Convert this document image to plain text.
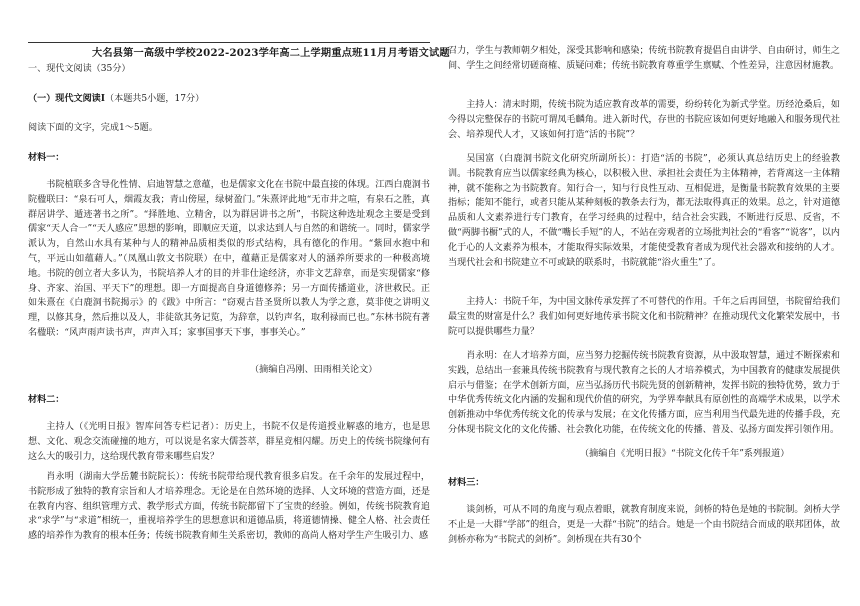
大名县第一高级中学校2022-2023学年高二上学期重点班11月月考语文试题
一、现代文阅读（35分）
（一）现代文阅读Ⅰ（本题共5小题，17分）
阅读下面的文字，完成1～5题。
材料一：
书院植联多含导化性情、启迪智慧之意蕴，也是儒家文化在书院中最直接的体现。江西白鹿洞书院楹联曰：“泉石可人，烟霞友我；青山傍屋，绿树盈门。”朱熹评此地“无市井之喧，有泉石之胜，真群居讲学、遁迹著书之所”。“择胜地、立精舍，以为群居讲书之所”，书院这种选址观念主要是受到儒家“天人合一”“天人感应”思想的影响，即顺应天道，以求达到人与自然的和谐统一。同时，儒家学派认为，自然山水具有某种与人的精神品质相类似的形式结构，具有德化的作用。“紫回水抱中和气，平远山如蕴藉人。”（凤凰山敦文书院联）在中，蕴藉正是儒家对人的涵养所要求的一种极高境地。书院的创立者大多认为，书院培养人才的目的并非仕途经济，亦非文艺辞章，而是实现儒家“修身、齐家、治国、平天下”的理想。即一方面提高自身道德修养；另一方面传播道业，济世救民。正如朱熹在《白鹿洞书院揭示》的《跋》中所言：“窃观古昔圣贤所以教人为学之意，莫非使之讲明义理，以修其身，然后推以及人，非徒欲其务记览，为辞章，以钓声名，取利禄而已也。”东林书院有著名楹联：“风声雨声读书声，声声入耳；家事国事天下事，事事关心。”
（摘编自冯刚、田雨相关论文）
材料二：
主持人（《光明日报》智库问答专栏记者）：历史上，书院不仅是传道授业解惑的地方，也是思想、文化、观念交流碰撞的地方，可以说是名家大儒荟萃，群星竞相闪耀。历史上的传统书院缘何有这么大的吸引力，这给现代教育带来哪些启发？
肖永明（湖南大学岳麓书院院长）：传统书院带给现代教育很多启发。在千余年的发展过程中，书院形成了独特的教育宗旨和人才培养理念。无论是在自然环境的选择、人文环境的营造方面，还是在教育内容、组织管理方式、教学形式方面，传统书院都留下了宝贵的经验。例如，传统书院教育追求“求学”与“求道”相统一，重视培养学生的思想意识和道德品质，将道德情操、健全人格、社会责任感的培养作为教育的根本任务；传统书院教育师生关系密切，教师的高尚人格对学生产生吸引力、感
召力，学生与教师朝夕相处，深受其影响和感染；传统书院教育提倡自由讲学、自由研讨，师生之间、学生之间经常切磋商榷、质疑问难；传统书院教育尊重学生禀赋、个性差异，注意因材施教。
主持人：清末时期，传统书院为适应教育改革的需要，纷纷转化为新式学堂。历经沧桑后，如今得以完整保存的书院可谓凤毛麟角。进入新时代，存世的书院应该如何更好地融入和服务现代社会、培养现代人才，又该如何打造“活的书院”？
吴国富（白鹿洞书院文化研究所副所长）：打造“活的书院”，必须认真总结历史上的经验教训。书院教育应当以儒家经典为核心，以积极入世、承担社会责任为主体精神，若背离这一主体精神，就不能称之为书院教育。知行合一，知与行良性互动、互相促进，是衡量书院教育效果的主要指标；能知不能行，或者只能从某种刻板的教条去行为，都无法取得真正的效果。总之，针对道德品质和人文素养进行专门教育，在学习经典的过程中，结合社会实践，不断进行反思、反省，不做“两脚书橱”式的人，不做“嘴长手短”的人，不站在旁观者的立场批判社会的“看客”“说客”，以内化于心的人文素养为根本，才能取得实际效果，才能使受教育者成为现代社会器欢和接纳的人才。当现代社会和书院建立不可或缺的联系时，书院就能“浴火重生”了。
主持人：书院千年，为中国文脉传承发挥了不可替代的作用。千年之后再回望，书院留给我们最宝贵的财富是什么？我们如何更好地传承书院文化和书院精神？在推动现代文化繁荣发展中，书院可以提供哪些力量？
肖永明：在人才培养方面，应当努力挖掘传统书院教育资源，从中汲取智慧，通过不断探索和实践，总结出一套兼具传统书院教育与现代教育之长的人才培养模式，为中国教育的健康发展提供启示与借鉴；在学术创新方面，应当弘扬历代书院先贤的创新精神，发挥书院的独特优势，致力于中华优秀传统文化内涵的发掘和现代价值的研究，为学界奉献具有原创性的高端学术成果，以学术创新推动中华优秀传统文化的传承与发展；在文化传播方面，应当利用当代最先进的传播手段，充分体现书院文化的文化传播、社会教化功能，在传统文化的传播、普及、弘扬方面发挥引领作用。
（摘编自《光明日报》“书院文化传千年”系列报道）
材料三：
谈剑桥，可从不同的角度与观点着眼，就教育制度来说，剑桥的特色是她的书院制。剑桥大学不止是一大群“学部”的组合，更是一大群“书院”的结合。她是一个由书院结合而成的联邦团体，故剑桥亦称为“书院式的剑桥”。剑桥现在共有30个
